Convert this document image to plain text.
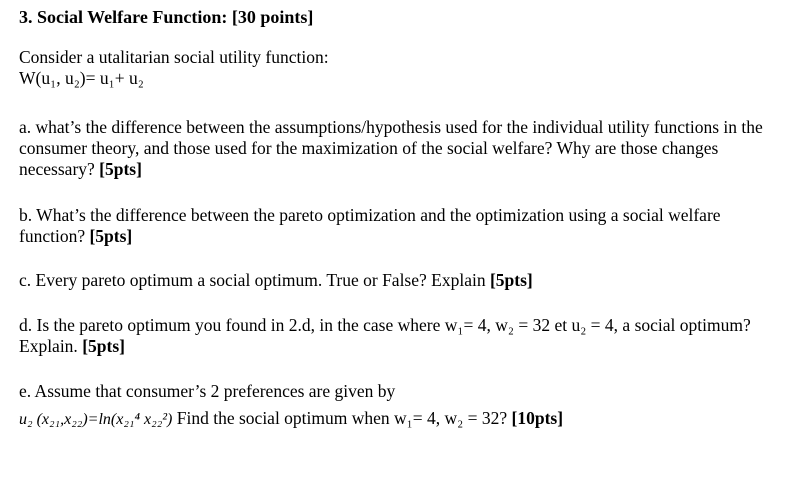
3. Social Welfare Function: [30 points]

Consider a utalitarian social utility function:
W(u₁, u₂)= u₁+ u₂

a. what’s the difference between the assumptions/hypothesis used for the individual utility functions in the consumer theory, and those used for the maximization of the social welfare? Why are those changes necessary? [5pts]

b. What’s the difference between the pareto optimization and the optimization using a social welfare function? [5pts]

c. Every pareto optimum a social optimum. True or False? Explain [5pts]

d. Is the pareto optimum you found in 2.d, in the case where w₁= 4, w₂ = 32 et u₂ = 4, a social optimum? Explain. [5pts]

e. Assume that consumer’s 2 preferences are given by
u₂ (x₂₁,x₂₂)=ln(x₂₁⁴ x₂₂²) Find the social optimum when w₁= 4, w₂ = 32? [10pts]
